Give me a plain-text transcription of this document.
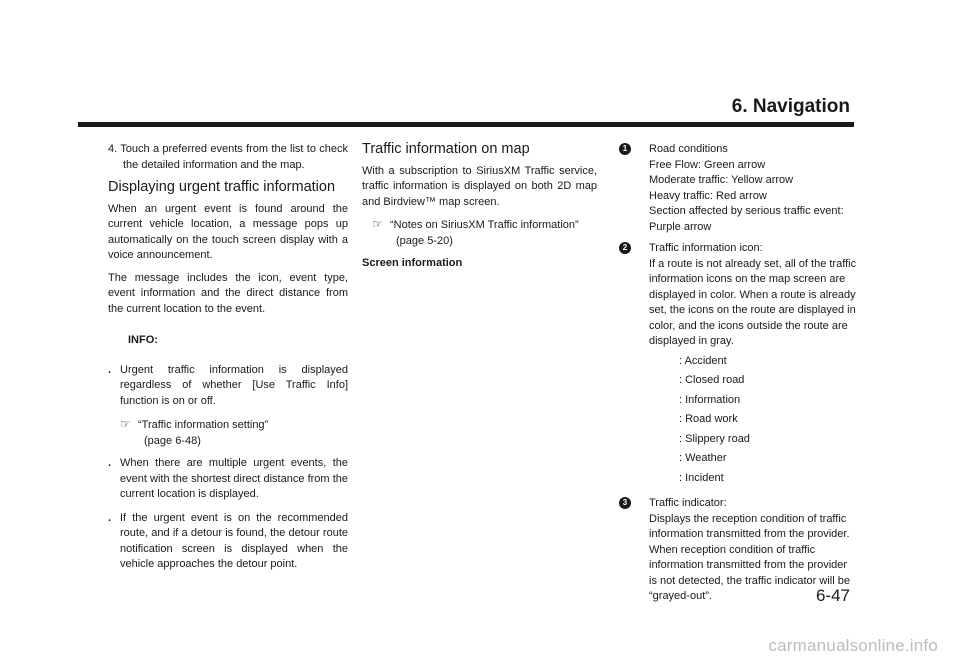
6. Navigation

4. Touch a preferred events from the list to check the detailed information and the map.

Displaying urgent traffic information

When an urgent event is found around the current vehicle location, a message pops up automatically on the touch screen display with a voice announcement.

The message includes the icon, event type, event information and the direct distance from the current location to the event.

INFO:
. Urgent traffic information is displayed regardless of whether [Use Traffic Info] function is on or off.
☞ “Traffic information setting”
(page 6-48)
. When there are multiple urgent events, the event with the shortest direct distance from the current location is displayed.
. If the urgent event is on the recommended route, and if a detour is found, the detour route notification screen is displayed when the vehicle approaches the detour point.
Traffic information on map

With a subscription to SiriusXM Traffic service, traffic information is displayed on both 2D map and Birdview™ map screen.

☞ “Notes on SiriusXM Traffic information”
(page 5-20)

Screen information

1	Road conditions
Free Flow: Green arrow
Moderate traffic: Yellow arrow
Heavy traffic: Red arrow
Section affected by serious traffic event: Purple arrow
2	Traffic information icon:
If a route is not already set, all of the traffic information icons on the map screen are displayed in color. When a route is already set, the icons on the route are displayed in color, and the icons outside the route are displayed in gray.
: Accident
: Closed road
: Information
: Road work
: Slippery road
: Weather
: Incident
3	Traffic indicator:
Displays the reception condition of traffic information transmitted from the provider. When reception condition of traffic information transmitted from the provider is not detected, the traffic indicator will be “grayed-out”.	6-47
carmanualsonline.info
